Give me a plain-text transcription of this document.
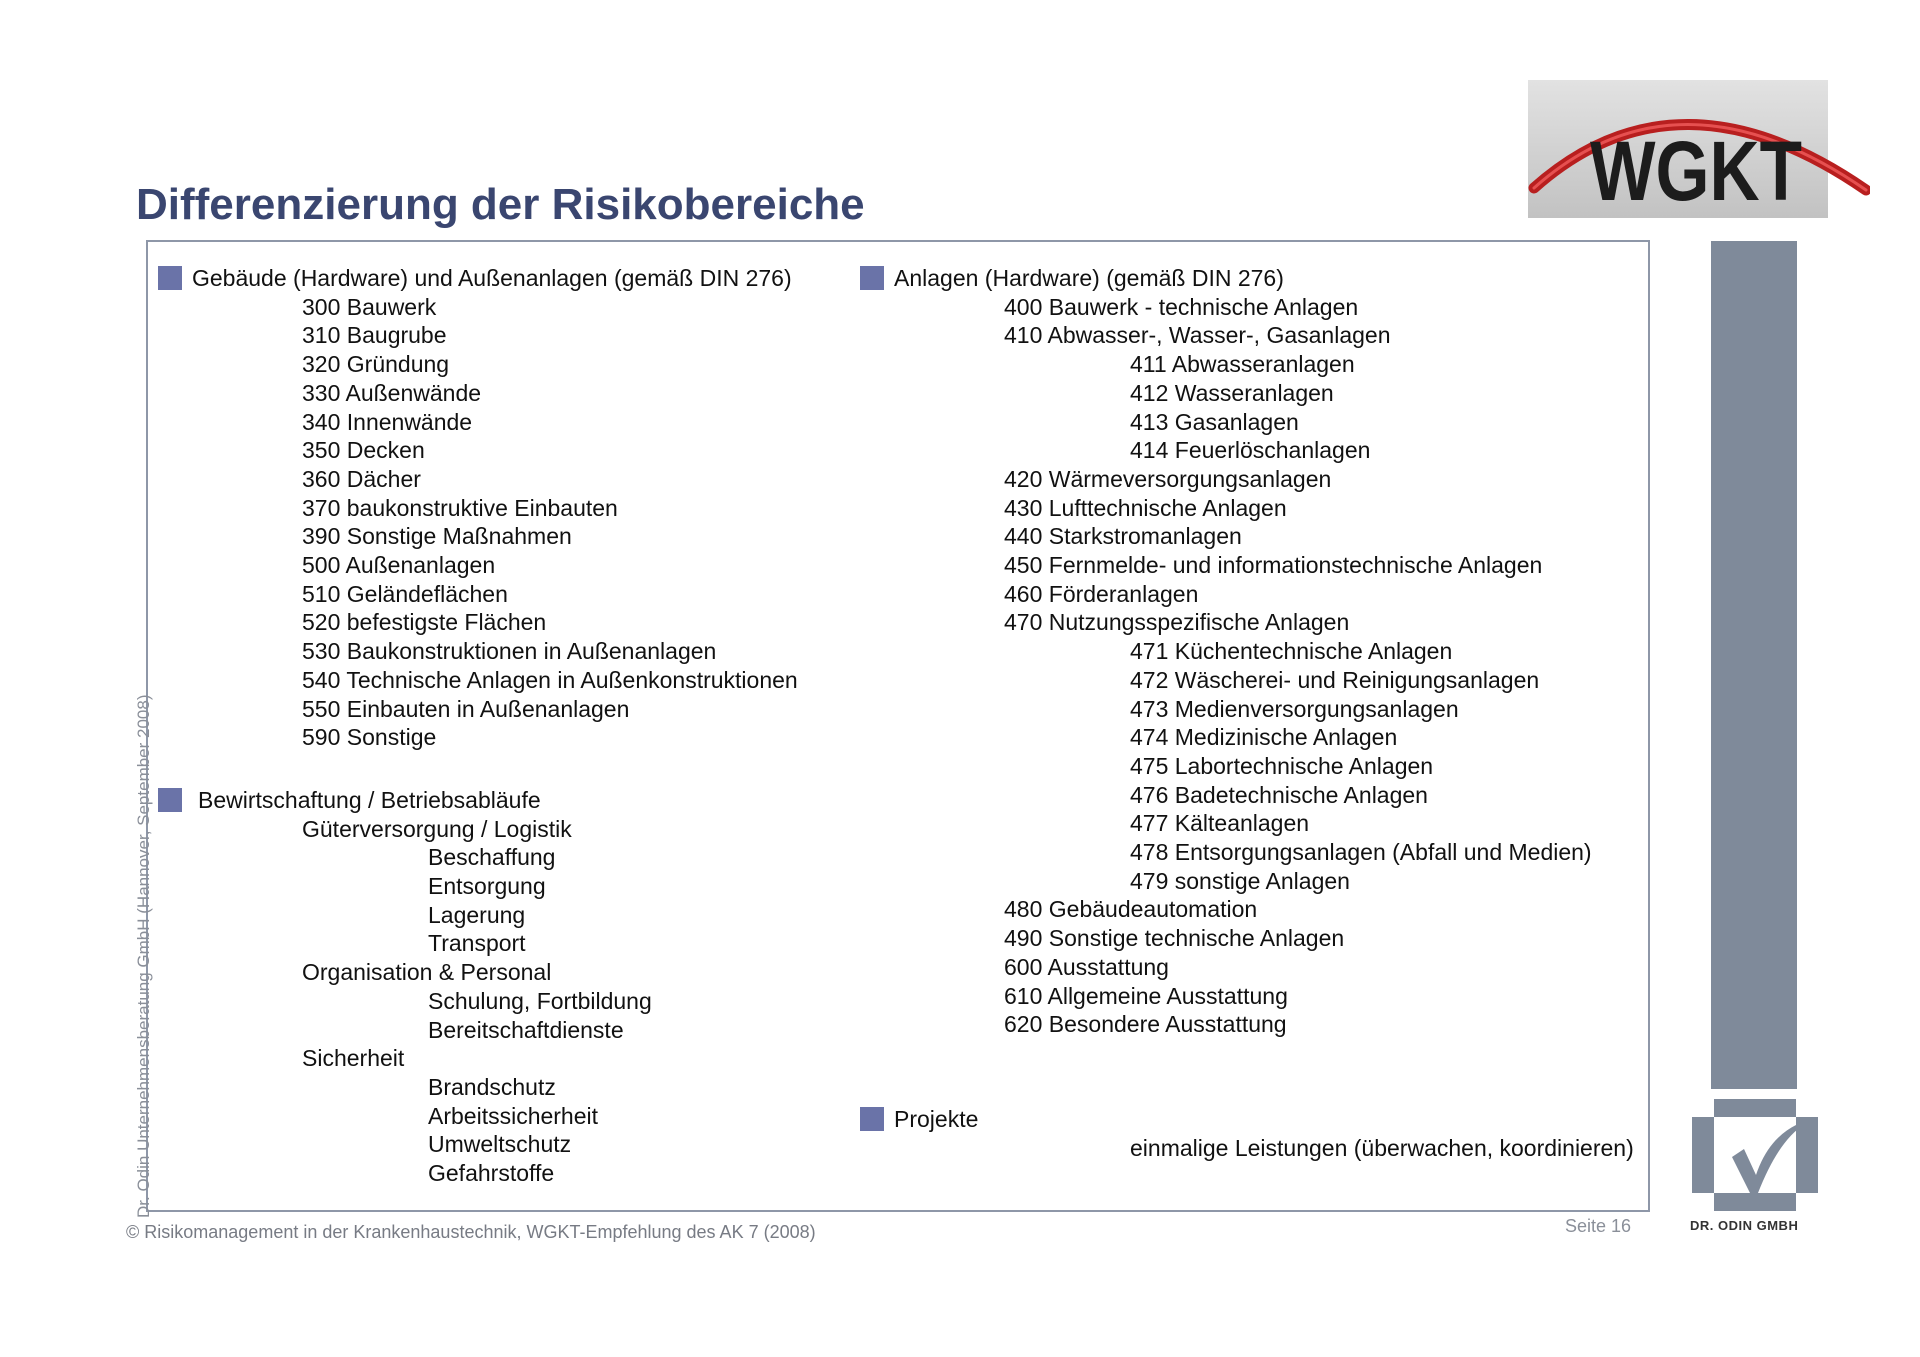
Differenzierung der Risikobereiche	WGKT
Gebäude (Hardware) und Außenanlagen (gemäß DIN 276)
300 Bauwerk
310 Baugrube
320 Gründung
330 Außenwände
340 Innenwände
350 Decken
360 Dächer
370 baukonstruktive Einbauten
390 Sonstige Maßnahmen
500 Außenanlagen
510 Geländeflächen
520 befestigste Flächen
530 Baukonstruktionen in Außenanlagen
540 Technische Anlagen in Außenkonstruktionen
550 Einbauten in Außenanlagen
590 Sonstige
Bewirtschaftung / Betriebsabläufe
Güterversorgung / Logistik
Beschaffung
Entsorgung
Lagerung
Transport
Organisation & Personal
Schulung, Fortbildung
Bereitschaftdienste
Sicherheit
Brandschutz
Arbeitssicherheit
Umweltschutz
Gefahrstoffe
Anlagen (Hardware) (gemäß DIN 276)
400 Bauwerk - technische Anlagen
410 Abwasser-, Wasser-, Gasanlagen
411 Abwasseranlagen
412 Wasseranlagen
413 Gasanlagen
414 Feuerlöschanlagen
420 Wärmeversorgungsanlagen
430 Lufttechnische Anlagen
440 Starkstromanlagen
450 Fernmelde- und informationstechnische Anlagen
460 Förderanlagen
470 Nutzungsspezifische Anlagen
471 Küchentechnische Anlagen
472 Wäscherei- und Reinigungsanlagen
473 Medienversorgungsanlagen
474 Medizinische Anlagen
475 Labortechnische Anlagen
476 Badetechnische Anlagen
477 Kälteanlagen
478 Entsorgungsanlagen (Abfall und Medien)
479 sonstige Anlagen
480 Gebäudeautomation
490 Sonstige technische Anlagen
600 Ausstattung
610 Allgemeine Ausstattung
620 Besondere Ausstattung
Projekte
einmalige Leistungen (überwachen, koordinieren)
DR. ODIN GMBH
Dr. Odin Unternehmensberatung GmbH (Hannover, September 2008)
© Risikomanagement in der Krankenhaustechnik, WGKT-Empfehlung des AK 7 (2008)	Seite 16
